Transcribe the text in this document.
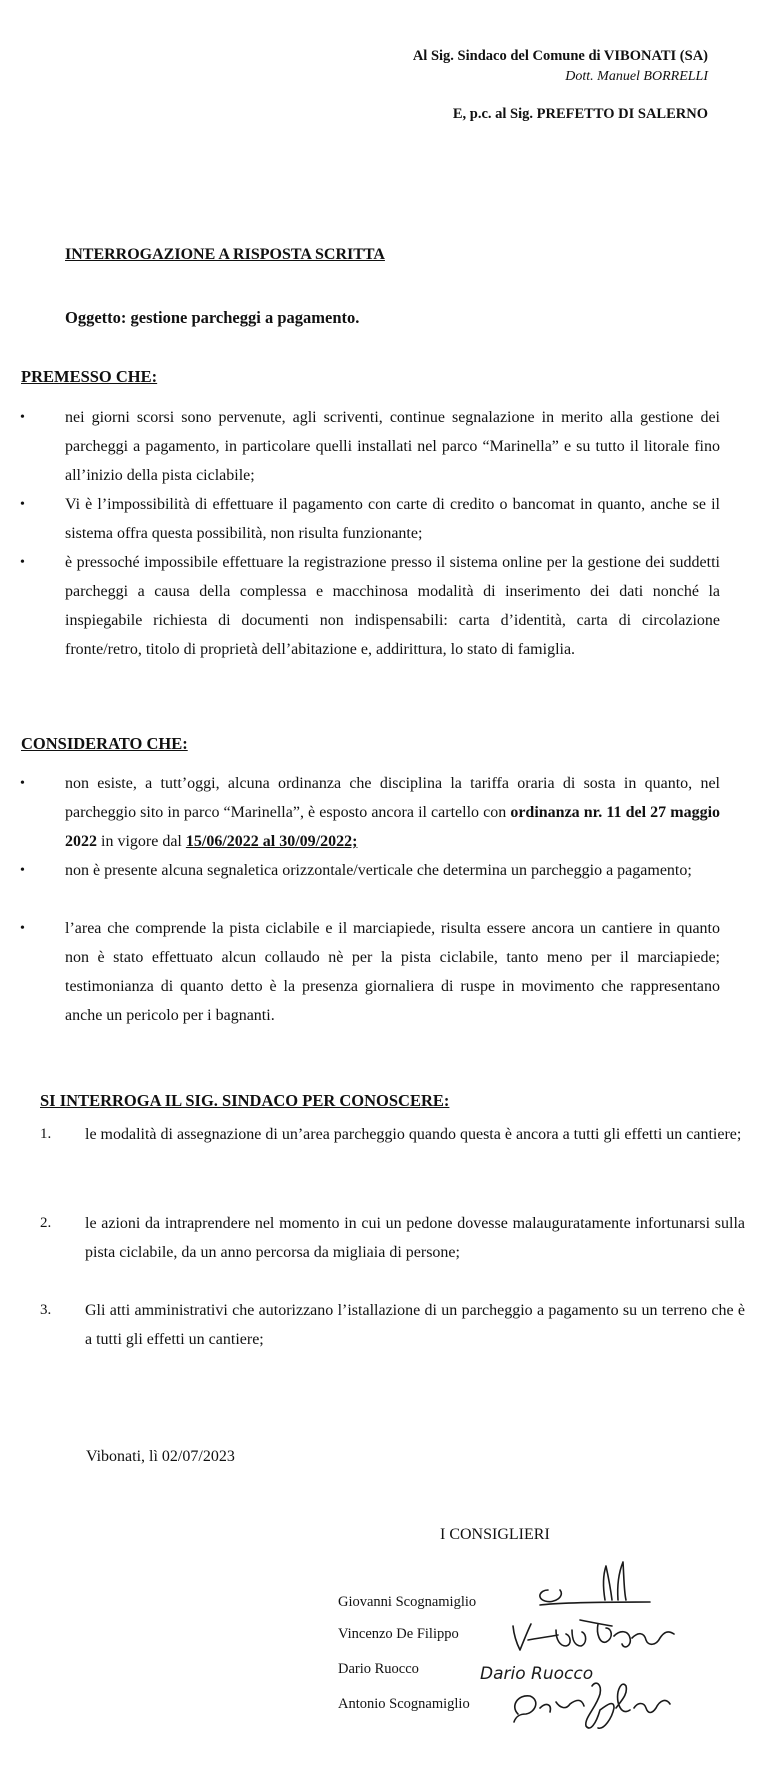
Al Sig. Sindaco del Comune di VIBONATI (SA)
Dott. Manuel BORRELLI
E, p.c. al Sig. PREFETTO DI SALERNO
INTERROGAZIONE A RISPOSTA SCRITTA
Oggetto: gestione parcheggi a pagamento.
PREMESSO CHE:
•	nei giorni scorsi sono pervenute, agli scriventi, continue segnalazione in merito alla gestione dei parcheggi a pagamento, in particolare quelli installati nel parco “Marinella” e su tutto il litorale fino all’inizio della pista ciclabile;
•	Vi è l’impossibilità di effettuare il pagamento con carte di credito o bancomat in quanto, anche se il sistema offra questa possibilità, non risulta funzionante;
•	è pressoché impossibile effettuare la registrazione presso il sistema online per la gestione dei suddetti parcheggi a causa della complessa e macchinosa modalità di inserimento dei dati nonché la inspiegabile richiesta di documenti non indispensabili: carta d’identità, carta di circolazione fronte/retro, titolo di proprietà dell’abitazione e, addirittura, lo stato di famiglia.
CONSIDERATO CHE:
•	non esiste, a tutt’oggi, alcuna ordinanza che disciplina la tariffa oraria di sosta in quanto, nel parcheggio sito in parco “Marinella”, è esposto ancora il cartello con ordinanza nr. 11 del 27 maggio 2022 in vigore dal 15/06/2022 al 30/09/2022;
•	non è presente alcuna segnaletica orizzontale/verticale che determina un parcheggio a pagamento;
•	l’area che comprende la pista ciclabile e il marciapiede, risulta essere ancora un cantiere in quanto non è stato effettuato alcun collaudo nè per la pista ciclabile, tanto meno per il marciapiede; testimonianza di quanto detto è la presenza giornaliera di ruspe in movimento che rappresentano anche un pericolo per i bagnanti.
SI INTERROGA IL SIG. SINDACO PER CONOSCERE:
1. le modalità di assegnazione di un’area parcheggio quando questa è ancora a tutti gli effetti un cantiere;
2. le azioni da intraprendere nel momento in cui un pedone dovesse malauguratamente infortunarsi sulla pista ciclabile, da un anno percorsa da migliaia di persone;
3. Gli atti amministrativi che autorizzano l’istallazione di un parcheggio a pagamento su un terreno che è a tutti gli effetti un cantiere;
Vibonati, lì 02/07/2023
I CONSIGLIERI
Giovanni Scognamiglio
Vincenzo De Filippo
Dario Ruocco
Antonio Scognamiglio
Dario Ruocco
